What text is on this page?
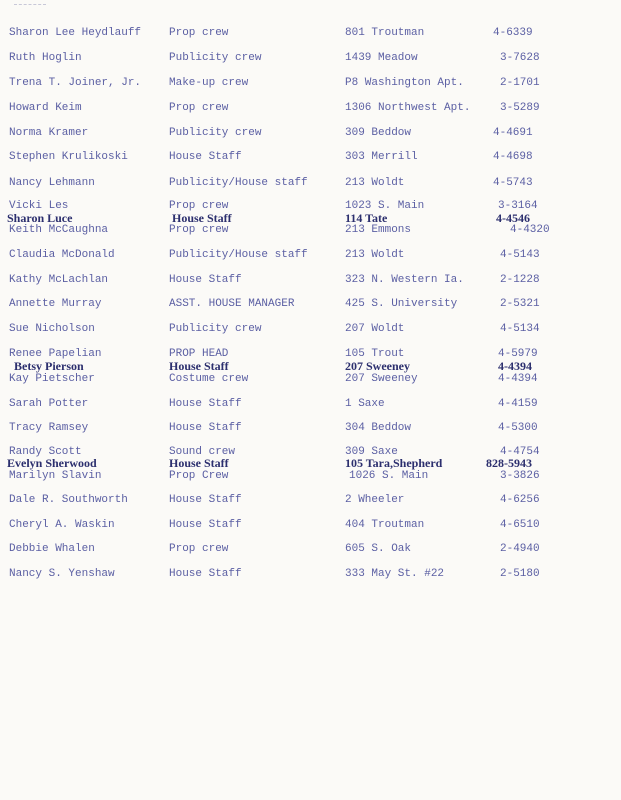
Sharon Lee Heydlauff	Prop crew	801 Troutman	4-6339
Ruth Hoglin	Publicity crew	1439 Meadow	3-7628
Trena T. Joiner, Jr.	Make-up crew	P8 Washington Apt.	2-1701
Howard Keim	Prop crew	1306 Northwest Apt.	3-5289
Norma Kramer	Publicity crew	309 Beddow	4-4691
Stephen Krulikoski	House Staff	303 Merrill	4-4698
Nancy Lehmann	Publicity/House staff	213 Woldt	4-5743
Vicki Les	Prop crew	1023 S. Main	3-3164
Sharon Luce	House Staff	114 Tate	4-4546
Keith McCaughna	Prop crew	213 Emmons	4-4320
Claudia McDonald	Publicity/House staff	213 Woldt	4-5143
Kathy McLachlan	House Staff	323 N. Western Ia.	2-1228
Annette Murray	ASST. HOUSE MANAGER	425 S. University	2-5321
Sue Nicholson	Publicity crew	207 Woldt	4-5134
Renee Papelian	PROP HEAD	105 Trout	4-5979
Betsy Pierson	House Staff	207 Sweeney	4-4394
Kay Pietscher	Costume crew	207 Sweeney	4-4394
Sarah Potter	House Staff	1 Saxe	4-4159
Tracy Ramsey	House Staff	304 Beddow	4-5300
Randy Scott	Sound crew	309 Saxe	4-4754
Evelyn Sherwood	House Staff	105 Tara,Shepherd	828-5943
Marilyn Slavin	Prop Crew	1026 S. Main	3-3826
Dale R. Southworth	House Staff	2 Wheeler	4-6256
Cheryl A. Waskin	House Staff	404 Troutman	4-6510
Debbie Whalen	Prop crew	605 S. Oak	2-4940
Nancy S. Yenshaw	House Staff	333 May St. #22	2-5180
